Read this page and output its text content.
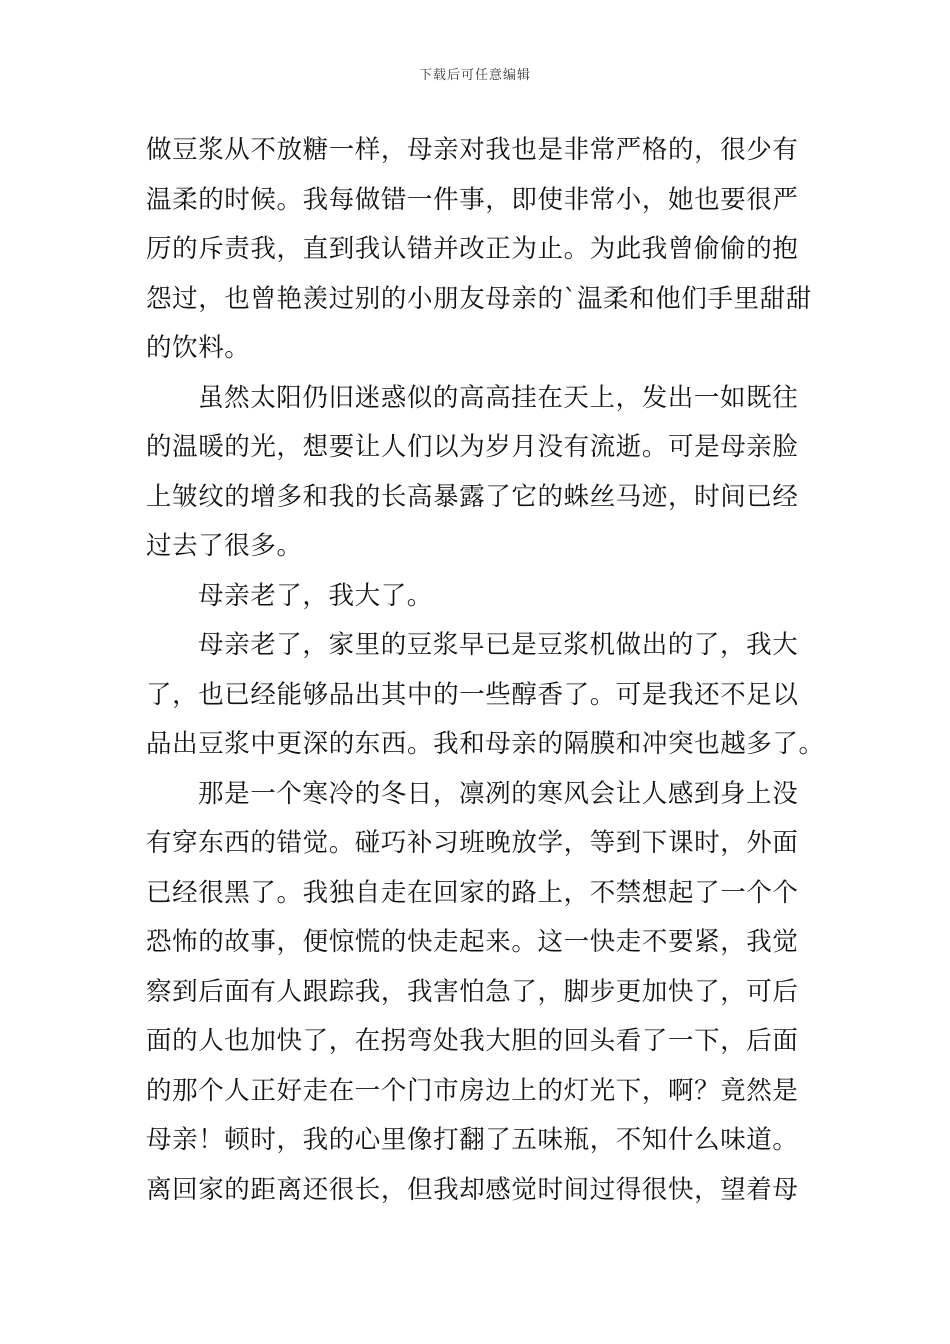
下载后可任意编辑
做豆浆从不放糖一样，母亲对我也是非常严格的，很少有
温柔的时候。我每做错一件事，即使非常小，她也要很严
厉的斥责我，直到我认错并改正为止。为此我曾偷偷的抱
怨过，也曾艳羡过别的小朋友母亲的`温柔和他们手里甜甜
的饮料。
虽然太阳仍旧迷惑似的高高挂在天上，发出一如既往
的温暖的光，想要让人们以为岁月没有流逝。可是母亲脸
上皱纹的增多和我的长高暴露了它的蛛丝马迹，时间已经
过去了很多。
母亲老了，我大了。
母亲老了，家里的豆浆早已是豆浆机做出的了，我大
了，也已经能够品出其中的一些醇香了。可是我还不足以
品出豆浆中更深的东西。我和母亲的隔膜和冲突也越多了。
那是一个寒冷的冬日，凛冽的寒风会让人感到身上没
有穿东西的错觉。碰巧补习班晚放学，等到下课时，外面
已经很黑了。我独自走在回家的路上，不禁想起了一个个
恐怖的故事，便惊慌的快走起来。这一快走不要紧，我觉
察到后面有人跟踪我，我害怕急了，脚步更加快了，可后
面的人也加快了，在拐弯处我大胆的回头看了一下，后面
的那个人正好走在一个门市房边上的灯光下，啊？竟然是
母亲！顿时，我的心里像打翻了五味瓶，不知什么味道。
离回家的距离还很长，但我却感觉时间过得很快，望着母
